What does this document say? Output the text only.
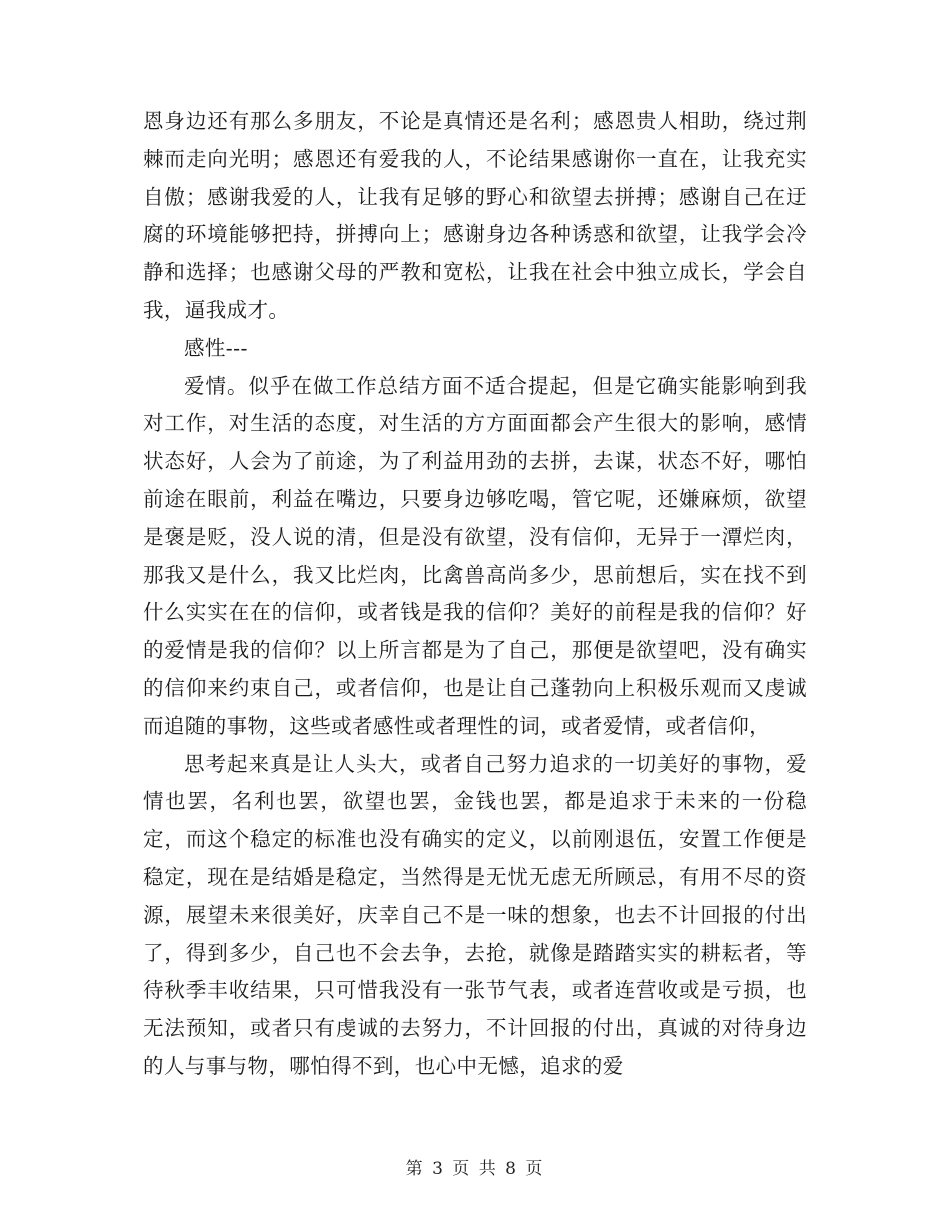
恩身边还有那么多朋友，不论是真情还是名利；感恩贵人相助，绕过荆棘而走向光明；感恩还有爱我的人，不论结果感谢你一直在，让我充实自傲；感谢我爱的人，让我有足够的野心和欲望去拼搏；感谢自己在迂腐的环境能够把持，拼搏向上；感谢身边各种诱惑和欲望，让我学会冷静和选择；也感谢父母的严教和宽松，让我在社会中独立成长，学会自我，逼我成才。

感性---

爱情。似乎在做工作总结方面不适合提起，但是它确实能影响到我对工作，对生活的态度，对生活的方方面面都会产生很大的影响，感情状态好，人会为了前途，为了利益用劲的去拼，去谋，状态不好，哪怕前途在眼前，利益在嘴边，只要身边够吃喝，管它呢，还嫌麻烦，欲望是褒是贬，没人说的清，但是没有欲望，没有信仰，无异于一潭烂肉，那我又是什么，我又比烂肉，比禽兽高尚多少，思前想后，实在找不到什么实实在在的信仰，或者钱是我的信仰？美好的前程是我的信仰？好的爱情是我的信仰？以上所言都是为了自己，那便是欲望吧，没有确实的信仰来约束自己，或者信仰，也是让自己蓬勃向上积极乐观而又虔诚而追随的事物，这些或者感性或者理性的词，或者爱情，或者信仰，

思考起来真是让人头大，或者自己努力追求的一切美好的事物，爱情也罢，名利也罢，欲望也罢，金钱也罢，都是追求于未来的一份稳定，而这个稳定的标准也没有确实的定义，以前刚退伍，安置工作便是稳定，现在是结婚是稳定，当然得是无忧无虑无所顾忌，有用不尽的资源，展望未来很美好，庆幸自己不是一味的想象，也去不计回报的付出了，得到多少，自己也不会去争，去抢，就像是踏踏实实的耕耘者，等待秋季丰收结果，只可惜我没有一张节气表，或者连营收或是亏损，也无法预知，或者只有虔诚的去努力，不计回报的付出，真诚的对待身边的人与事与物，哪怕得不到，也心中无憾，追求的爱

第 3 页 共 8 页
